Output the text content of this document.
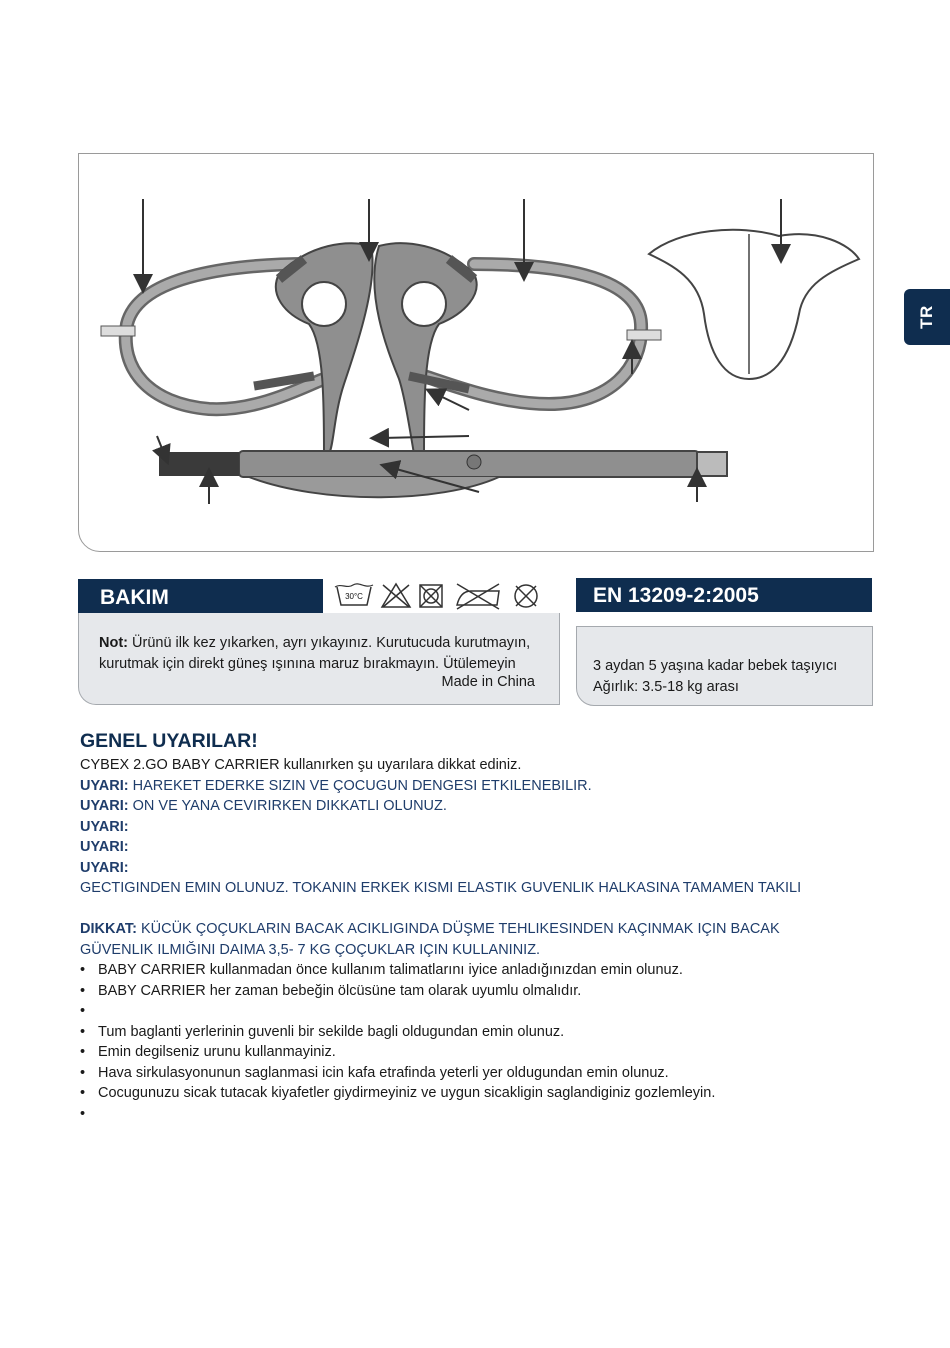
TR
BAKIM	30°C
Not: Ürünü ilk kez yıkarken, ayrı yıkayınız. Kurutucuda kurutmayın, kurutmak için direkt güneş ışınına maruz bırakmayın. Ütülemeyin
Made in China
EN 13209-2:2005
3 aydan 5 yaşına kadar bebek taşıyıcı
Ağırlık: 3.5-18 kg arası
GENEL UYARILAR!
CYBEX 2.GO BABY CARRIER kullanırken şu uyarılara dikkat ediniz.
UYARI: HAREKET EDERKE SIZIN VE ÇOCUGUN DENGESI ETKILENEBILIR.
UYARI: ON VE YANA CEVIRIRKEN DIKKATLI OLUNUZ.
UYARI:
UYARI:
UYARI:
GECTIGINDEN EMIN OLUNUZ. TOKANIN ERKEK KISMI ELASTIK GUVENLIK HALKASINA TAMAMEN TAKILI
DIKKAT: KÜCÜK ÇOÇUKLARIN BACAK ACIKLIGINDA DÜŞME TEHLIKESINDEN KAÇINMAK IÇIN BACAK
GÜVENLIK ILMIĞINI DAIMA 3,5- 7 KG ÇOÇUKLAR IÇIN KULLANINIZ.
• BABY CARRIER kullanmadan önce kullanım talimatlarını iyice anladığınızdan emin olunuz.
• BABY CARRIER her zaman bebeğin ölcüsüne tam olarak uyumlu olmalıdır.
•
• Tum baglanti yerlerinin guvenli bir sekilde bagli oldugundan emin olunuz.
• Emin degilseniz urunu kullanmayiniz.
• Hava sirkulasyonunun saglanmasi icin kafa etrafinda yeterli yer oldugundan emin olunuz.
• Cocugunuzu sicak tutacak kiyafetler giydirmeyiniz ve uygun sicakligin saglandiginiz gozlemleyin.
•
